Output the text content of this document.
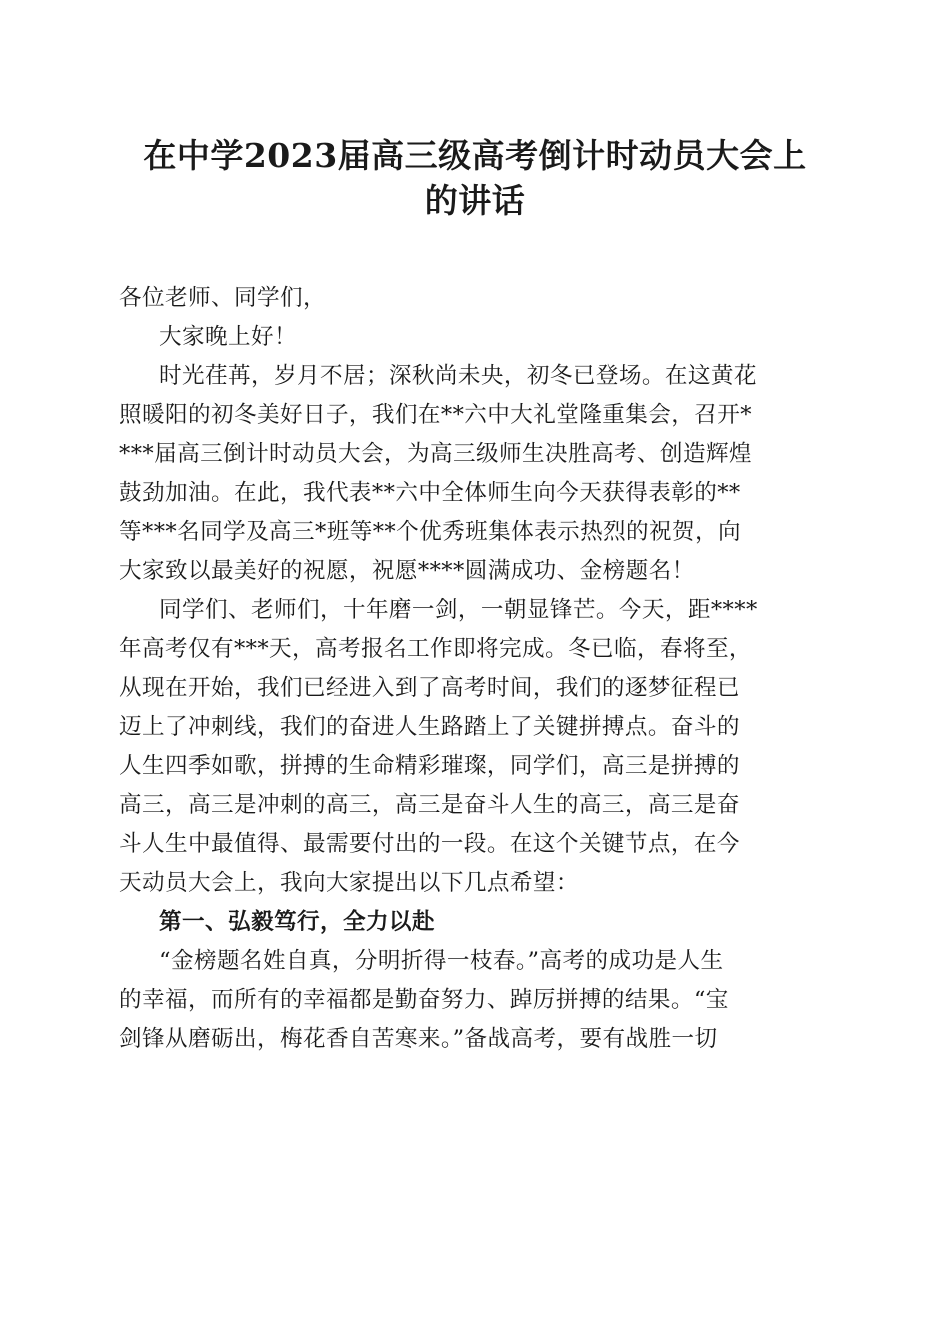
在中学2023届高三级高考倒计时动员大会上
的讲话

各位老师、同学们，

大家晚上好！

时光荏苒，岁月不居；深秋尚未央，初冬已登场。在这黄花

照暖阳的初冬美好日子，我们在**六中大礼堂隆重集会，召开*

***届高三倒计时动员大会，为高三级师生决胜高考、创造辉煌

鼓劲加油。在此，我代表**六中全体师生向今天获得表彰的**

等***名同学及高三*班等**个优秀班集体表示热烈的祝贺，向

大家致以最美好的祝愿，祝愿****圆满成功、金榜题名！

同学们、老师们，十年磨一剑，一朝显锋芒。今天，距****

年高考仅有***天，高考报名工作即将完成。冬已临，春将至，

从现在开始，我们已经进入到了高考时间，我们的逐梦征程已

迈上了冲刺线，我们的奋进人生路踏上了关键拼搏点。奋斗的

人生四季如歌，拼搏的生命精彩璀璨，同学们，高三是拼搏的

高三，高三是冲刺的高三，高三是奋斗人生的高三，高三是奋

斗人生中最值得、最需要付出的一段。在这个关键节点，在今

天动员大会上，我向大家提出以下几点希望：

第一、弘毅笃行，全力以赴

“金榜题名姓自真，分明折得一枝春。”高考的成功是人生

的幸福，而所有的幸福都是勤奋努力、踔厉拼搏的结果。“宝

剑锋从磨砺出，梅花香自苦寒来。”备战高考，要有战胜一切
